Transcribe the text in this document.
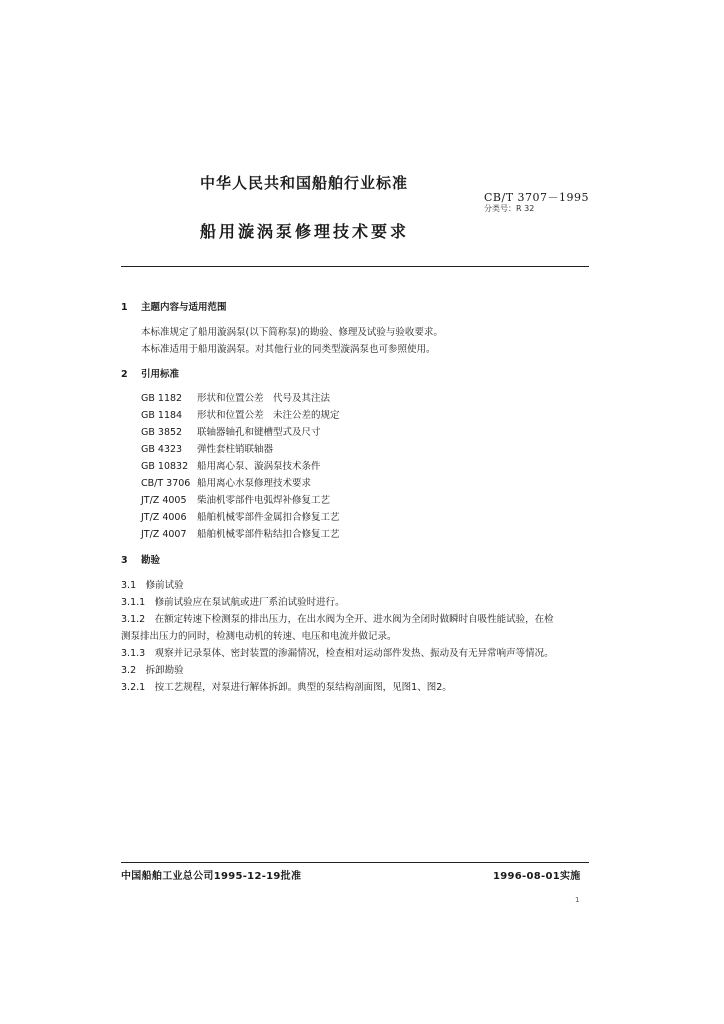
中华人民共和国船舶行业标准
CB/T 3707－1995
分类号：R 32
船用漩涡泵修理技术要求
1 主题内容与适用范围
本标准规定了船用漩涡泵(以下简称泵)的勘验、修理及试验与验收要求。
本标准适用于船用漩涡泵。对其他行业的同类型漩涡泵也可参照使用。
2 引用标准
GB 1182 形状和位置公差　代号及其注法
GB 1184 形状和位置公差　未注公差的规定
GB 3852 联轴器轴孔和键槽型式及尺寸
GB 4323 弹性套柱销联轴器
GB 10832 船用离心泵、漩涡泵技术条件
CB/T 3706 船用离心水泵修理技术要求
JT/Z 4005 柴油机零部件电弧焊补修复工艺
JT/Z 4006 船舶机械零部件金属扣合修复工艺
JT/Z 4007 船舶机械零部件粘结扣合修复工艺
3 勘验
3.1　修前试验
3.1.1　修前试验应在泵试航或进厂系泊试验时进行。
3.1.2　在额定转速下检测泵的排出压力，在出水阀为全开、进水阀为全闭时做瞬时自吸性能试验，在检
测泵排出压力的同时，检测电动机的转速、电压和电流并做记录。
3.1.3　观察并记录泵体、密封装置的渗漏情况，检查相对运动部件发热、振动及有无异常响声等情况。
3.2　拆卸勘验
3.2.1　按工艺规程，对泵进行解体拆卸。典型的泵结构剖面图，见图1、图2。
中国船舶工业总公司1995-12-19批准	1996-08-01实施
1
